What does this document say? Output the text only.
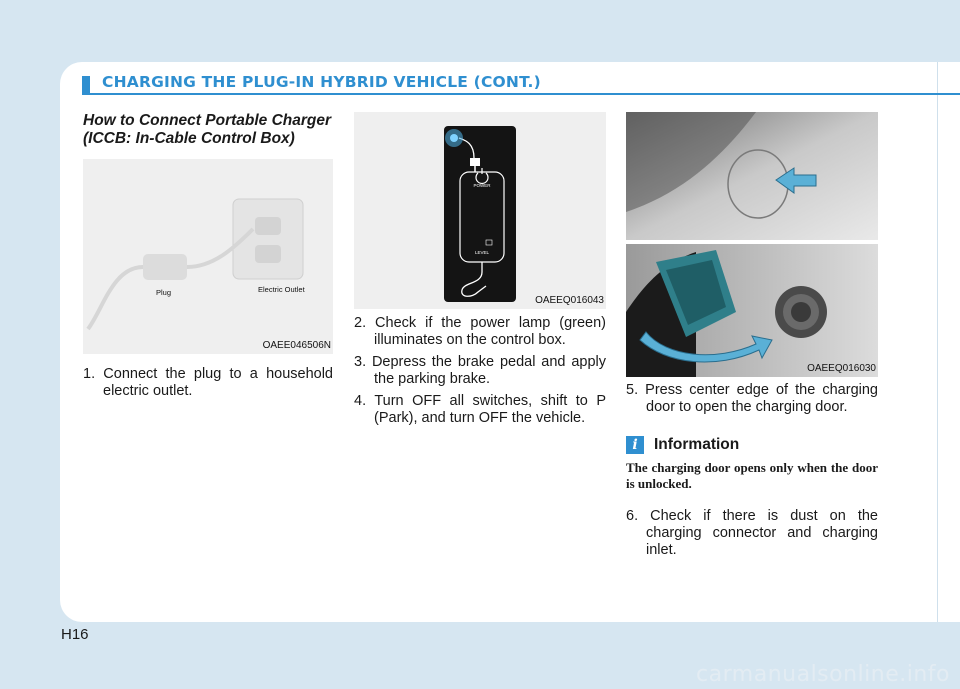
CHARGING THE PLUG-IN HYBRID VEHICLE (CONT.)
How to Connect Portable Charger (ICCB: In-Cable Control Box)
Plug	Electric Outlet
OAEE046506N
1. Connect the plug to a household electric outlet.
POWER
LEVEL
OAEEQ016043
2. Check if the power lamp (green) illuminates on the control box.
3. Depress the brake pedal and apply the parking brake.
4. Turn OFF all switches, shift to P (Park), and turn OFF the vehicle.
OAEEQ016030
5. Press center edge of the charging door to open the charging door.
i	Information
The charging door opens only when the door is unlocked.
6. Check if there is dust on the charging connector and charging inlet.
H16
carmanualsonline.info
